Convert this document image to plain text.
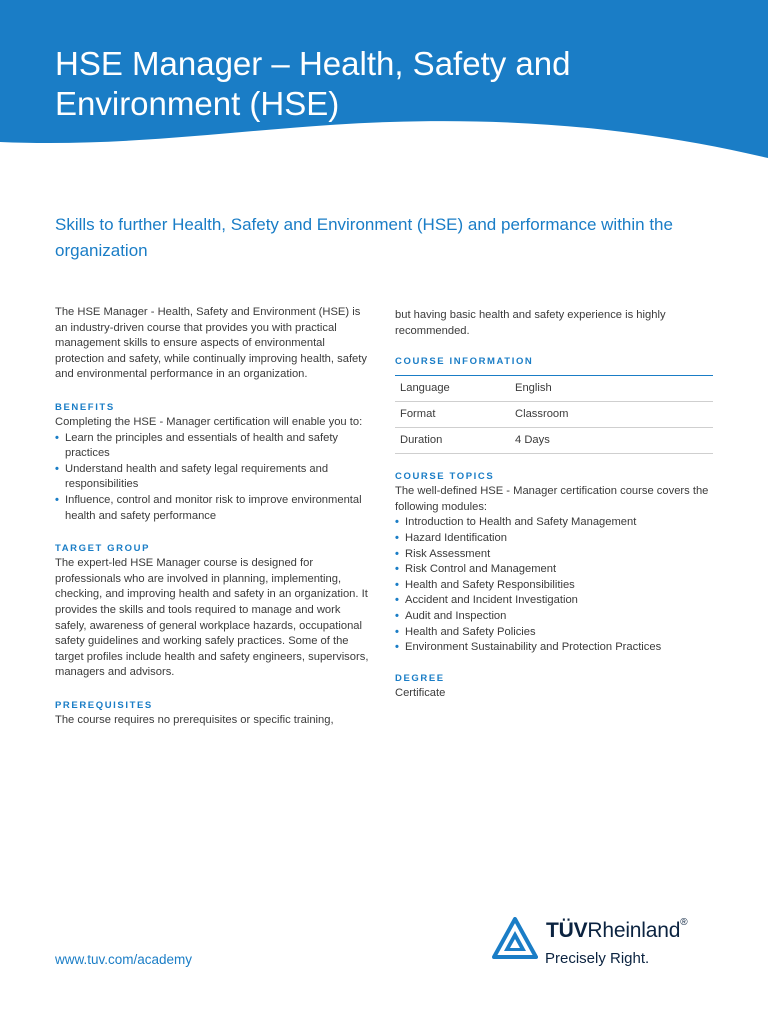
HSE Manager – Health, Safety and
Environment (HSE)

Skills to further Health, Safety and Environment (HSE) and performance within the organization

The HSE Manager - Health, Safety and Environment (HSE) is an industry-driven course that provides you with practical management skills to ensure aspects of environmental protection and safety, while continually improving health, safety and environmental performance in an organization.

BENEFITS

Completing the HSE - Manager certification will enable you to:

• Learn the principles and essentials of health and safety practices
• Understand health and safety legal requirements and responsibilities
• Influence, control and monitor risk to improve environmental health and safety performance

TARGET GROUP

The expert-led HSE Manager course is designed for professionals who are involved in planning, implementing, checking, and improving health and safety in an organization. It provides the skills and tools required to manage and work safely, awareness of general workplace hazards, occupational safety guidelines and working safely practices. Some of the target profiles include health and safety engineers, supervisors, managers and advisors.

PREREQUISITES

The course requires no prerequisites or specific training,

but having basic health and safety experience is highly recommended.

COURSE INFORMATION

Language	English
Format	Classroom
Duration	4 Days

COURSE TOPICS

The well-defined HSE - Manager certification course covers the following modules:

• Introduction to Health and Safety Management
• Hazard Identification
• Risk Assessment
• Risk Control and Management
• Health and Safety Responsibilities
• Accident and Incident Investigation
• Audit and Inspection
• Health and Safety Policies
• Environment Sustainability and Protection Practices

DEGREE

Certificate

www.tuv.com/academy
TÜVRheinland®
Precisely Right.
